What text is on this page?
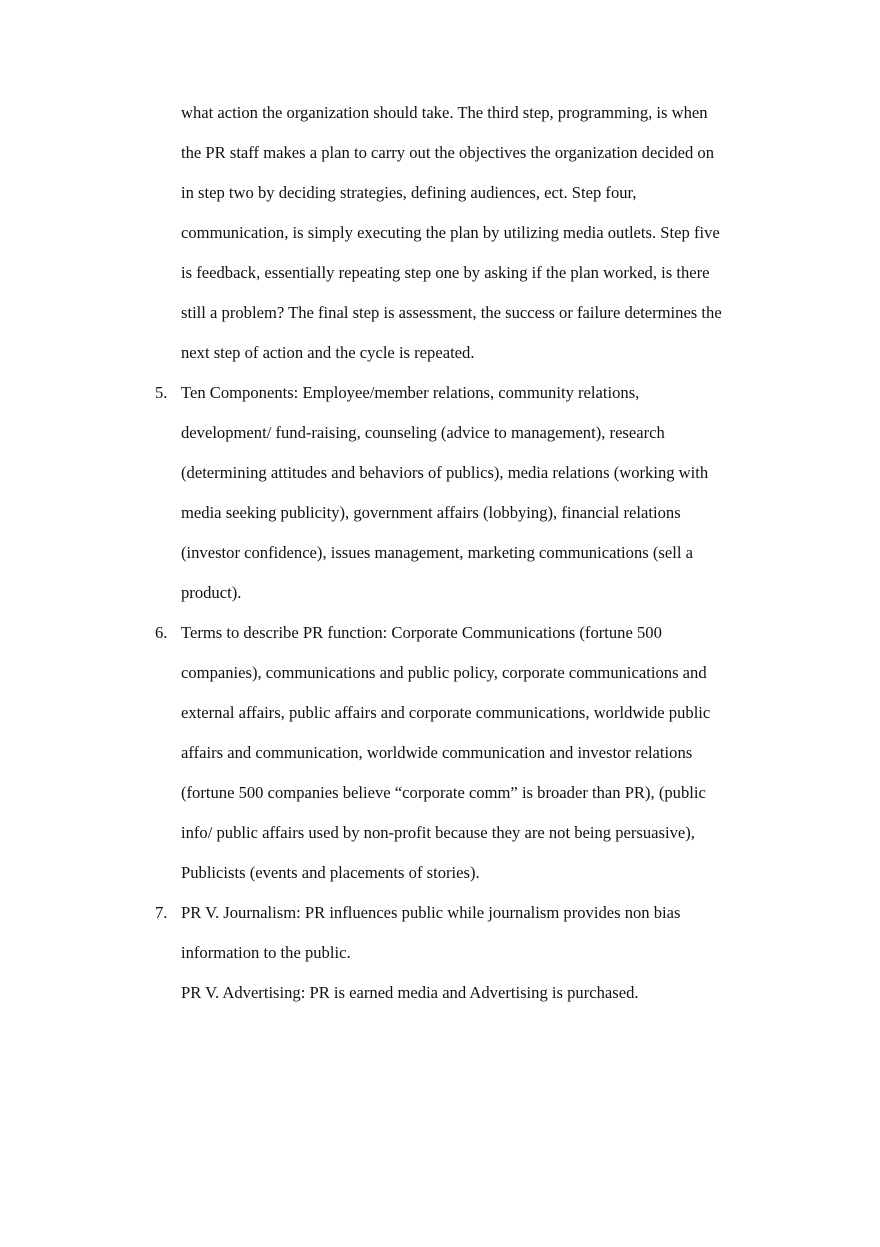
what action the organization should take. The third step, programming, is when
the PR staff makes a plan to carry out the objectives the organization decided on
in step two by deciding strategies, defining audiences, ect. Step four,
communication, is simply executing the plan by utilizing media outlets. Step five
is feedback, essentially repeating step one by asking if the plan worked, is there
still a problem? The final step is assessment, the success or failure determines the
next step of action and the cycle is repeated.
5. Ten Components: Employee/member relations, community relations,
development/ fund-raising, counseling (advice to management), research
(determining attitudes and behaviors of publics), media relations (working with
media seeking publicity), government affairs (lobbying), financial relations
(investor confidence), issues management, marketing communications (sell a
product).
6. Terms to describe PR function: Corporate Communications (fortune 500
companies), communications and public policy, corporate communications and
external affairs, public affairs and corporate communications, worldwide public
affairs and communication, worldwide communication and investor relations
(fortune 500 companies believe “corporate comm” is broader than PR), (public
info/ public affairs used by non-profit because they are not being persuasive),
Publicists (events and placements of stories).
7. PR V. Journalism: PR influences public while journalism provides non bias
information to the public.
PR V. Advertising: PR is earned media and Advertising is purchased.
